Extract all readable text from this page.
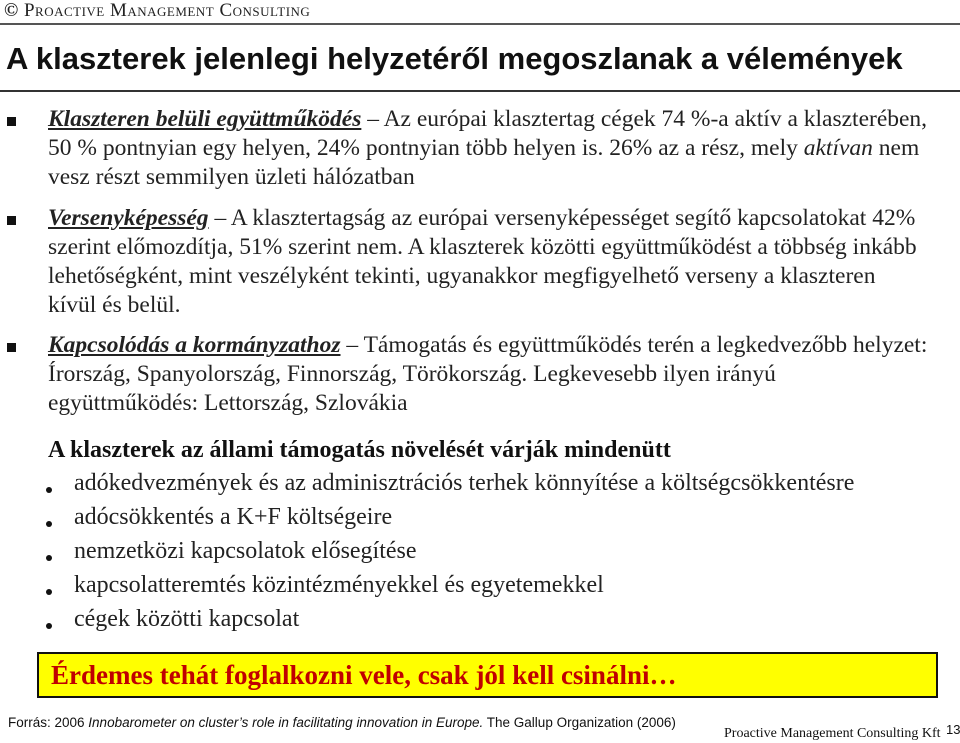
© Proactive Management Consulting
A klaszterek jelenlegi helyzetéről megoszlanak a vélemények
Klaszteren belüli együttműködés – Az európai klasztertag cégek 74 %-a aktív a klaszterében, 50 % pontnyian egy helyen, 24% pontnyian több helyen is. 26% az a rész, mely aktívan nem vesz részt semmilyen üzleti hálózatban
Versenyképesség – A klasztertagság az európai versenyképességet segítő kapcsolatokat 42% szerint előmozdítja, 51% szerint nem. A klaszterek közötti együttműködést a többség inkább lehetőségként, mint veszélyként tekinti, ugyanakkor megfigyelhető verseny a klaszteren kívül és belül.
Kapcsolódás a kormányzathoz – Támogatás és együttműködés terén a legkedvezőbb helyzet: Írország, Spanyolország, Finnország, Törökország. Legkevesebb ilyen irányú együttműködés: Lettország, Szlovákia
A klaszterek az állami támogatás növelését várják mindenütt
adókedvezmények és az adminisztrációs terhek könnyítése a költségcsökkentésre
adócsökkentés a K+F költségeire
nemzetközi kapcsolatok elősegítése
kapcsolatteremtés közintézményekkel és egyetemekkel
cégek közötti kapcsolat
Érdemes tehát foglalkozni vele, csak jól kell csinálni…
Forrás: 2006 Innobarometer on cluster’s role in facilitating innovation in Europe. The Gallup Organization (2006)
Proactive Management Consulting Kft 13
